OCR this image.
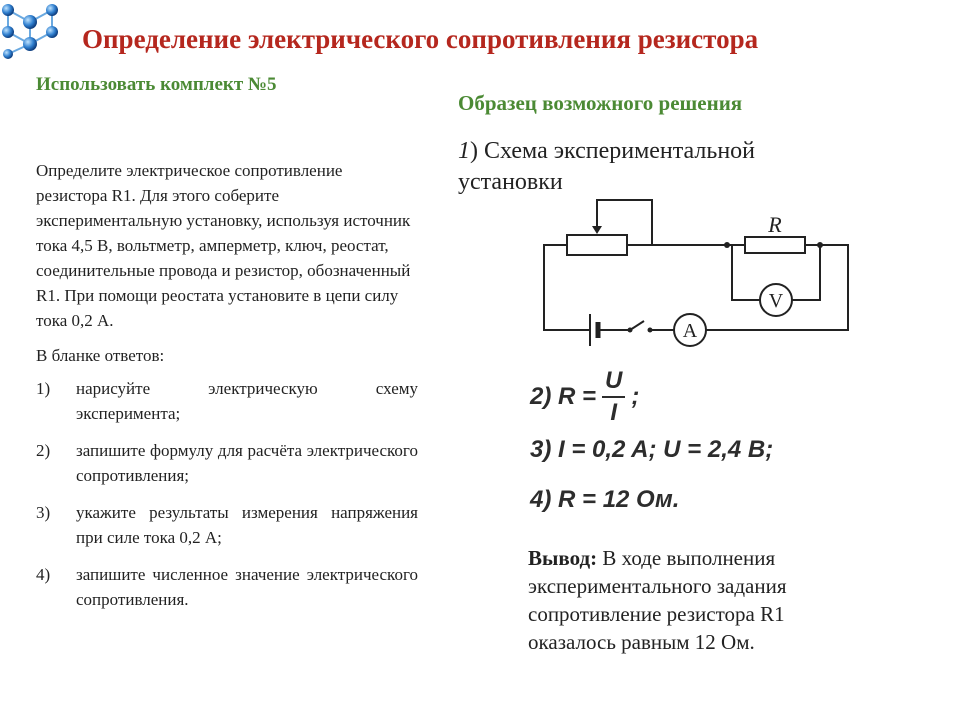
Определение электрического сопротивления резистора
Использовать комплект №5

Определите электрическое сопротивление резистора R1. Для этого соберите экспериментальную установку, используя источник тока 4,5 В, вольтметр, амперметр, ключ, реостат, соединительные провода и резистор, обозначенный R1. При помощи реостата установите в цепи силу тока 0,2 А.

В бланке ответов:

1)	нарисуйте электрическую схему эксперимента;
2)	запишите формулу для расчёта электрического сопротивления;
3)	укажите результаты измерения напряжения при силе тока 0,2 А;
4)	запишите численное значение электрического сопротивления.
Образец возможного решения
1) Схема экспериментальной установки
R
V
A
2) $R = \frac{U}{I}$ ;
3) I = 0,2 A; U = 2,4 B;
4) R = 12 Ом.
Вывод: В ходе выполнения экспериментального задания сопротивление резистора R1 оказалось равным 12 Ом.
